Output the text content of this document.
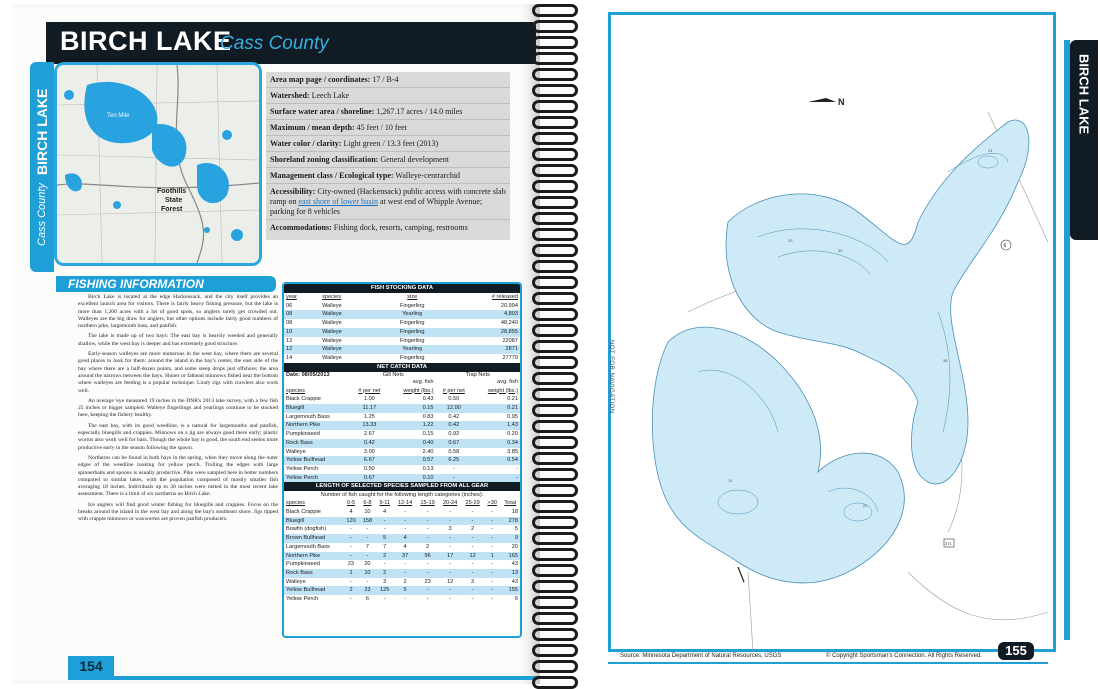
BIRCH LAKE
Cass County
Cass County
BIRCH LAKE
Foothills
State
Forest
Ten Mile
Area map page / coordinates: 17 / B-4
Watershed: Leech Lake
Surface water area / shoreline: 1,267.17 acres / 14.0 miles
Maximum / mean depth: 45 feet / 10 feet
Water color / clarity: Light green / 13.3 feet (2013)
Shoreland zoning classification: General development
Management class / Ecological type: Walleye-centrarchid
Accessibility: City-owned (Hackensack) public access with concrete slab ramp on east shore of lower basin at west end of Whipple Avenue; parking for 8 vehicles
Accommodations: Fishing dock, resorts, camping, restrooms
FISHING INFORMATION

Birch Lake is located at the edge Hackensack, and the city itself provides an excellent launch area for visitors. There is fairly heavy fishing pressure, but the lake is more than 1,200 acres with a lot of good spots, so anglers rarely get crowded out. Walleyes are the big draw for anglers, but other options include fairly good numbers of northern pike, largemouth bass, and panfish.

The lake is made up of two bays: The east bay is heavily weeded and generally shallow, while the west bay is deeper and has extremely good structure.

Early-season walleyes are more numerous in the west bay, where there are several good places to look for them: around the island in the bay's center, the east side of the bay where there are a half-dozen points, and some steep drops just offshore; the area around the narrows between the bays. Shiner or fathead minnows fished near the bottom where walleyes are feeding is a popular technique. Lindy rigs with crawlers also work well.

An average 'eye measured 19 inches in the DNR's 2013 lake survey, with a few fish 25 inches or bigger sampled. Walleye fingerlings and yearlings continue to be stocked here, keeping the fishery healthy.

The east bay, with its good weedline, is a natural for largemouths and panfish, especially bluegills and crappies. Minnows on a jig are always good there early; plastic worms also work well for bass. Though the whole bay is good, the south end seems more productive early in the season following the spawn.

Northerns can be found in both bays in the spring, when they move along the outer edges of the weedline looking for yellow perch. Trolling the edges with large spinnerbaits and spoons is usually productive. Pike were sampled here in better numbers compared to similar lakes, with the population composed of mostly smaller fish averaging 18 inches. Individuals up to 30 inches were netted in the most recent lake assessment. There is a limit of six northerns on Birch Lake.

Ice anglers will find good winter fishing for bluegills and crappies. Focus on the breaks around the island in the west bay and along the bay's southeast shore. Jigs tipped with crappie minnows or waxworms are proven panfish producers.

FISH STOCKING DATA
year	species	size	# released
06	Walleye	Fingerling	20,994
08	Walleye	Yearling	4,893
08	Walleye	Fingerling	48,240
10	Walleye	Fingerling	28,855
12	Walleye	Fingerling	22087
12	Walleye	Yearling	2871
14	Walleye	Fingerling	27779
NET CATCH DATA
Date: 08/05/2013	Gill Nets		Trap Nets	
		avg. fish		avg. fish
species	# per net	weight (lbs.)	# per net	weight (lbs.)
Black Crappie	1.00	0.43	0.50	0.21
Bluegill	11.17	0.15	12.00	0.21
Largemouth Bass	1.25	0.83	0.42	0.95
Northern Pike	13.33	1.22	0.42	1.43
Pumpkinseed	2.67	0.15	0.92	0.20
Rock Bass	0.42	0.40	0.67	0.34
Walleye	3.00	2.40	0.58	3.85
Yellow Bullhead	6.67	0.57	6.25	0.54
Yellow Perch	0.50	0.13	-	-
Yellow Perch	0.67	0.10	-	-
LENGTH OF SELECTED SPECIES SAMPLED FROM ALL GEAR
Number of fish caught for the following length categories (inches):
species	0-5	6-8	9-11	12-14	15-19	20-24	25-29	>30	Total
Black Crappie	4	10	4	-	-	-	-	-	18
Bluegill	120	158	-	-	-	-	-	-	278
Bowfin (dogfish)	-	-	-	-	-	3	2	-	5
Brown Bullhead	-	-	5	4	-	-	-	-	9
Largemouth Bass	-	7	7	4	2	-	-	-	20
Northern Pike	-	-	2	37	96	17	12	1	165
Pumpkinseed	23	20	-	-	-	-	-	-	43
Rock Bass	1	10	2	-	-	-	-	-	13
Walleye	-	-	3	2	23	12	3	-	43
Yellow Bullhead	2	23	125	5	-	-	-	-	155
Yellow Perch	-	6	-	-	-	-	-	-	6
154
25
30
24
38
10
21
N
6
371
NOT FOR NAVIGATION
BIRCH LAKE
Source: Minnesota Department of Natural Resources, USGS	© Copyright Sportsman's Connection. All Rights Reserved.	155
